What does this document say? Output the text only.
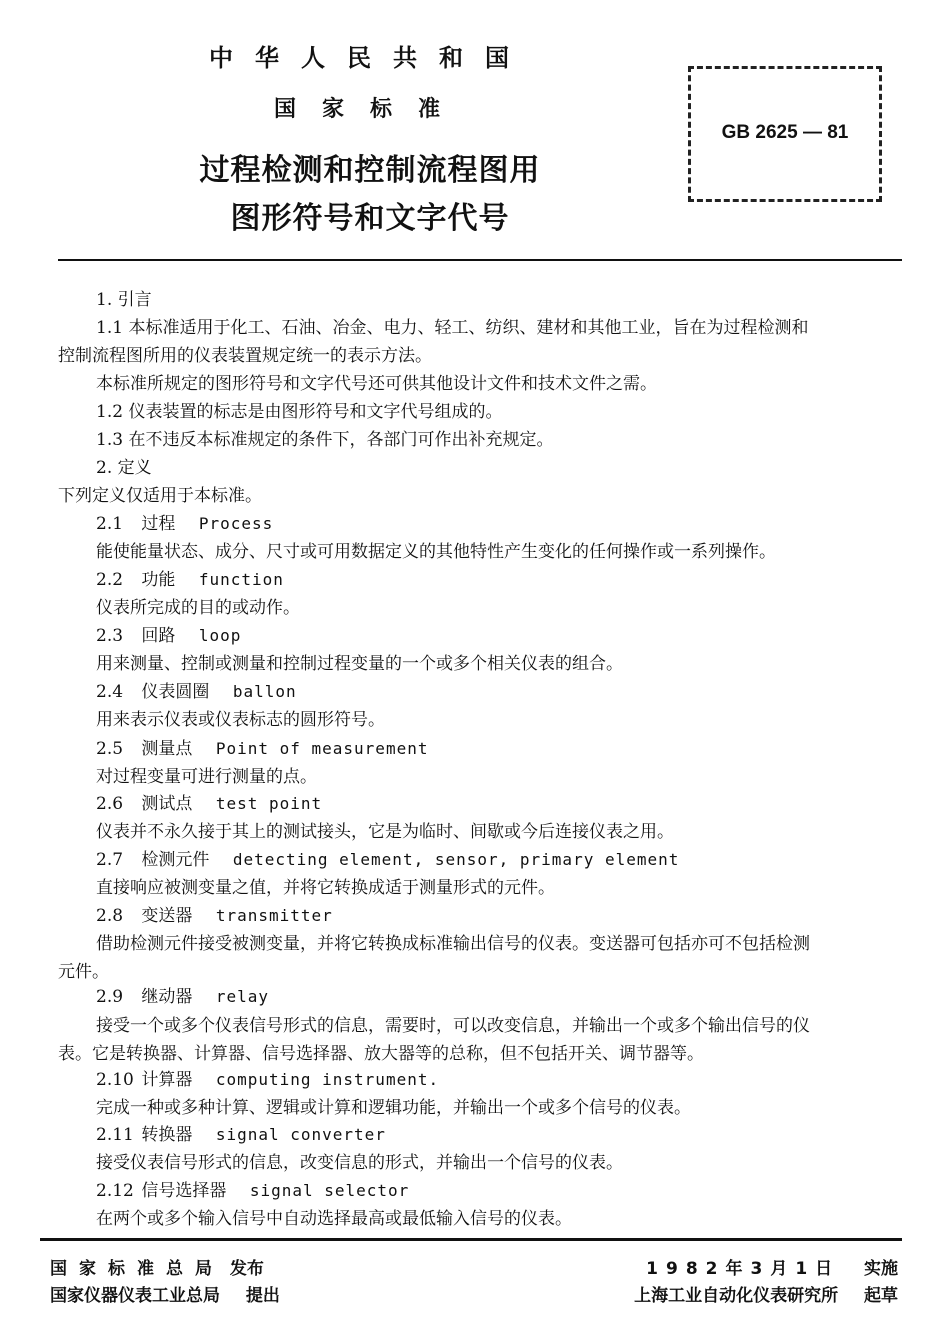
中华人民共和国
国家标准
过程检测和控制流程图用
图形符号和文字代号
GB 2625 — 81
1. 引言
1.1 本标准适用于化工、石油、冶金、电力、轻工、纺织、建材和其他工业，旨在为过程检测和
控制流程图所用的仪表装置规定统一的表示方法。
本标准所规定的图形符号和文字代号还可供其他设计文件和技术文件之需。
1.2 仪表装置的标志是由图形符号和文字代号组成的。
1.3 在不违反本标准规定的条件下，各部门可作出补充规定。
2. 定义
下列定义仅适用于本标准。
2.1 过程 Process
能使能量状态、成分、尺寸或可用数据定义的其他特性产生变化的任何操作或一系列操作。
2.2 功能 function
仪表所完成的目的或动作。
2.3 回路 loop
用来测量、控制或测量和控制过程变量的一个或多个相关仪表的组合。
2.4 仪表圆圈 ballon
用来表示仪表或仪表标志的圆形符号。
2.5 测量点 Point of measurement
对过程变量可进行测量的点。
2.6 测试点 test point
仪表并不永久接于其上的测试接头，它是为临时、间歇或今后连接仪表之用。
2.7 检测元件 detecting element, sensor, primary element
直接响应被测变量之值，并将它转换成适于测量形式的元件。
2.8 变送器 transmitter
借助检测元件接受被测变量，并将它转换成标准输出信号的仪表。变送器可包括亦可不包括检测
元件。
2.9 继动器 relay
接受一个或多个仪表信号形式的信息，需要时，可以改变信息，并输出一个或多个输出信号的仪
表。它是转换器、计算器、信号选择器、放大器等的总称，但不包括开关、调节器等。
2.10 计算器 computing instrument.
完成一种或多种计算、逻辑或计算和逻辑功能，并输出一个或多个信号的仪表。
2.11 转换器 signal converter
接受仪表信号形式的信息，改变信息的形式，并输出一个信号的仪表。
2.12 信号选择器 signal selector
在两个或多个输入信号中自动选择最高或最低输入信号的仪表。
国家标准总局 发布
国家仪器仪表工业总局 提出
1982年3月1日 实施
上海工业自动化仪表研究所 起草
